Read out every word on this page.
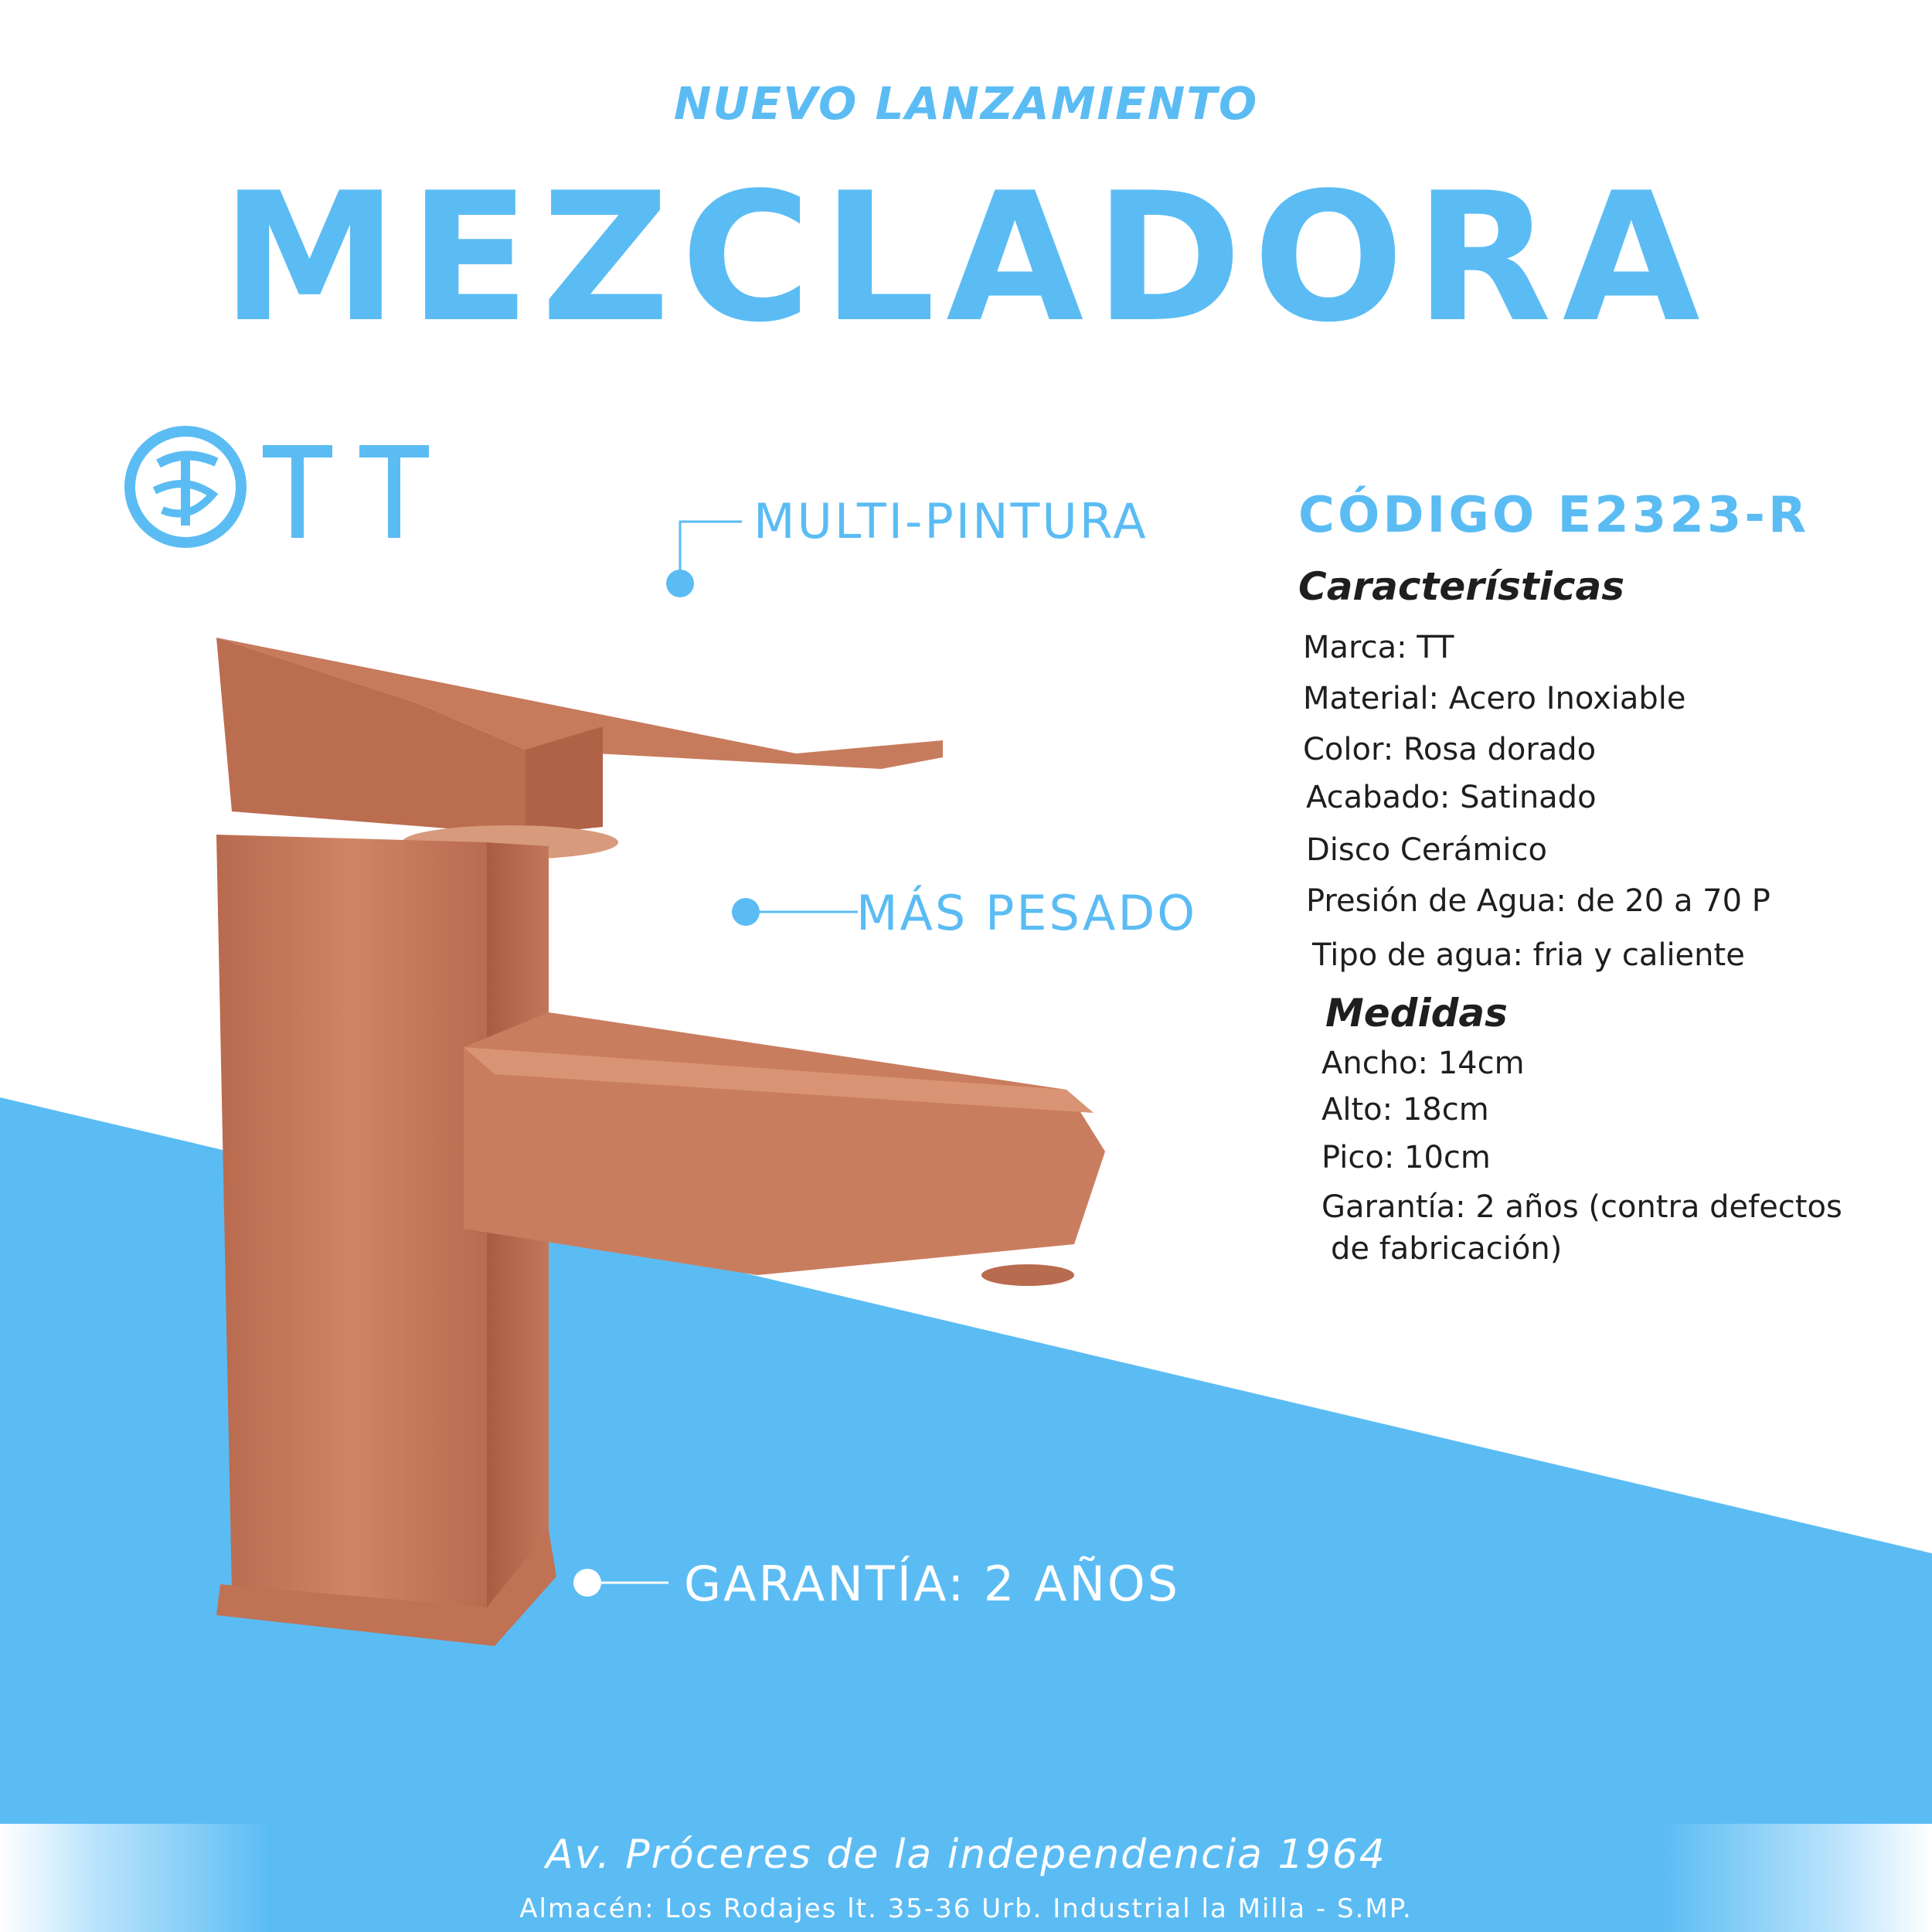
NUEVO LANZAMIENTO
MEZCLADORA
MULTI-PINTURA
MÁS PESADO
GARANTÍA: 2 AÑOS
CÓDIGO E2323-R
Características
Marca: TT
Material: Acero Inoxiable
Color: Rosa dorado
Acabado: Satinado
Disco Cerámico
Presión de Agua: de 20 a 70 P
Tipo de agua: fria y caliente
Medidas
Ancho: 14cm
Alto: 18cm
Pico: 10cm
Garantía: 2 años (contra defectos
de fabricación)
Av. Próceres de la independencia 1964
Almacén: Los Rodajes lt. 35-36 Urb. Industrial la Milla - S.MP.
